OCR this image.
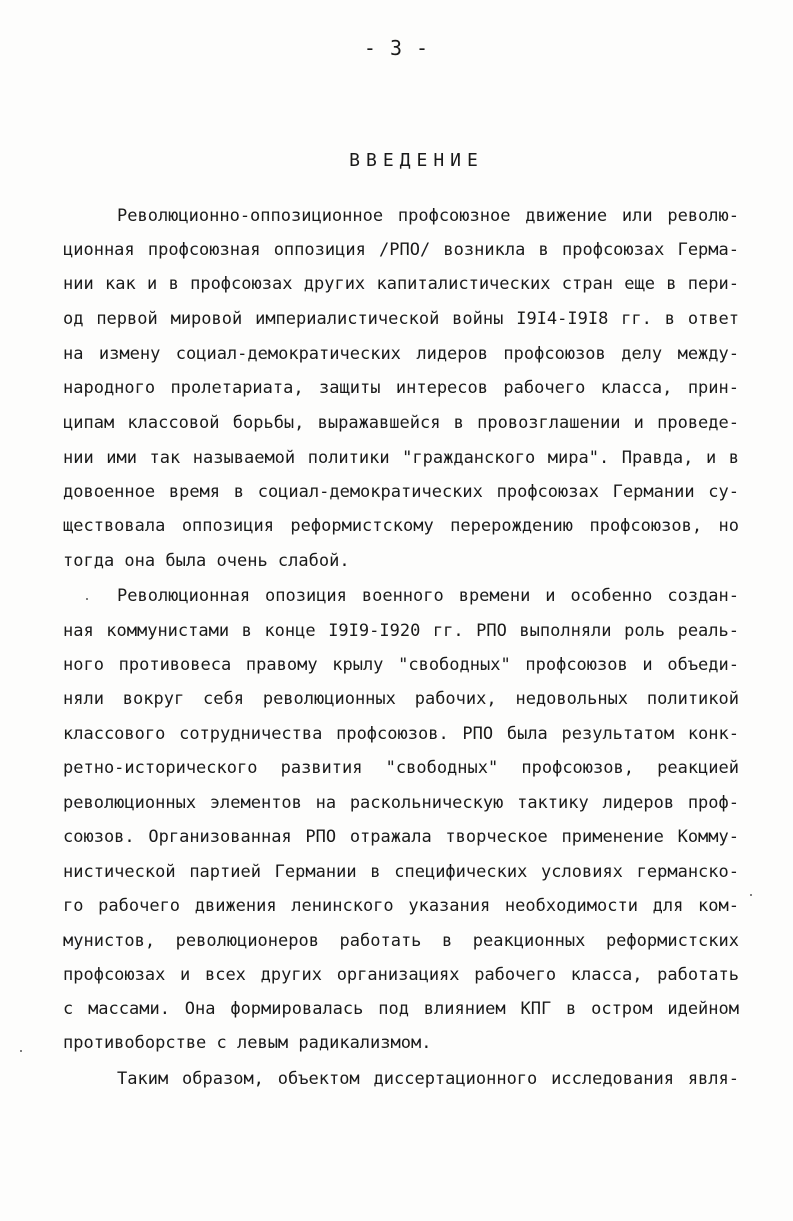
- 3 -
ВВЕДЕНИЕ
Революционно-оппозиционное профсоюзное движение или револю-
ционная профсоюзная оппозиция /РПО/ возникла в профсоюзах Герма-
нии как и в профсоюзах других капиталистических стран еще в пери-
од первой мировой империалистической войны I9I4-I9I8 гг. в ответ
на измену социал-демократических лидеров профсоюзов делу между-
народного пролетариата, защиты интересов рабочего класса, прин-
ципам классовой борьбы, выражавшейся в провозглашении и проведе-
нии ими так называемой политики "гражданского мира". Правда, и в
довоенное время в социал-демократических профсоюзах Германии су-
ществовала оппозиция реформистскому перерождению профсоюзов, но
тогда она была очень слабой.
Революционная опозиция военного времени и особенно создан-
ная коммунистами в конце I9I9-I920 гг. РПО выполняли роль реаль-
ного противовеса правому крылу "свободных" профсоюзов и объеди-
няли вокруг себя революционных рабочих, недовольных политикой
классового сотрудничества профсоюзов. РПО была результатом конк-
ретно-исторического развития "свободных" профсоюзов, реакцией
революционных элементов на раскольническую тактику лидеров проф-
союзов. Организованная РПО отражала творческое применение Комму-
нистической партией Германии в специфических условиях германско-
го рабочего движения ленинского указания необходимости для ком-
мунистов, революционеров работать в реакционных реформистских
профсоюзах и всех других организациях рабочего класса, работать
с массами. Она формировалась под влиянием КПГ в остром идейном
противоборстве с левым радикализмом.
Таким образом, объектом диссертационного исследования явля-
